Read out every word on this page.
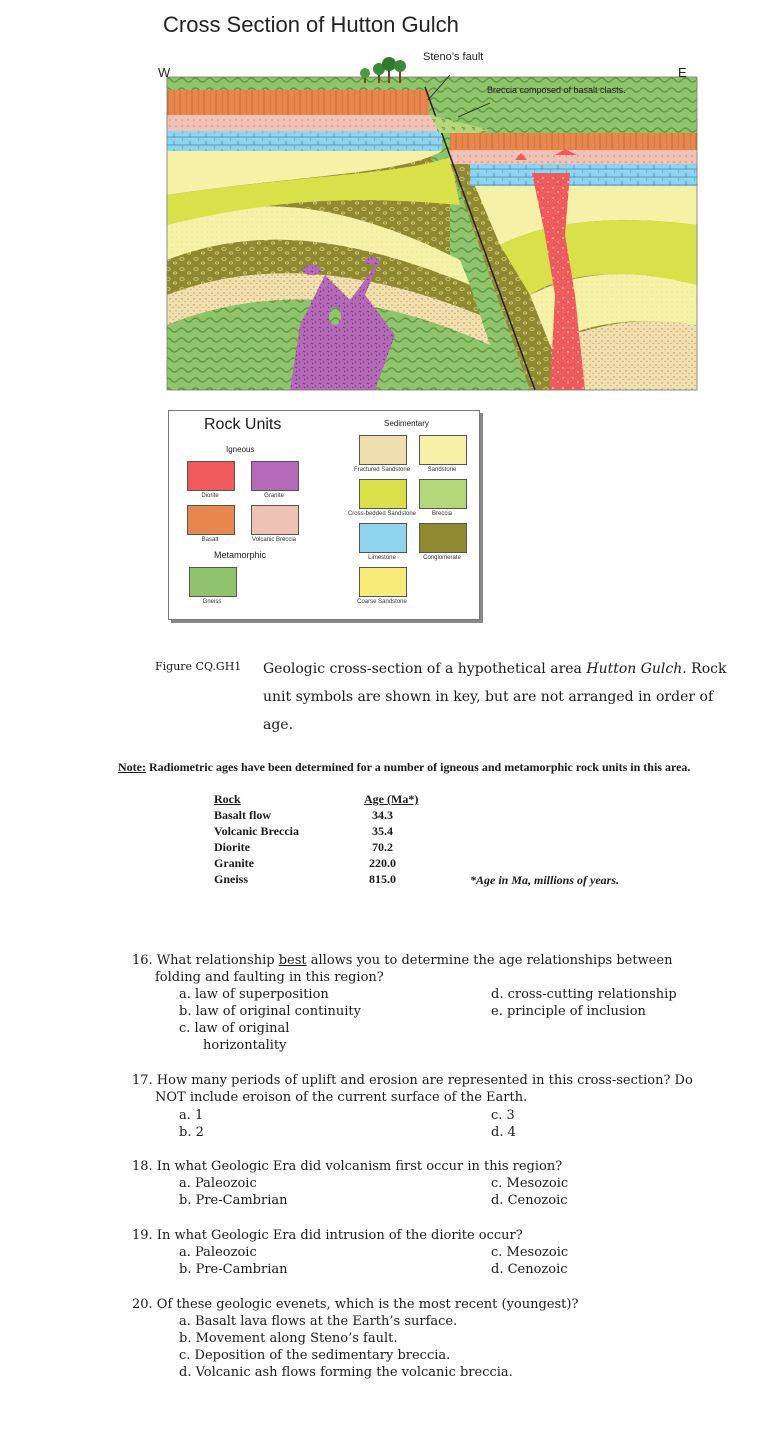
Cross Section of Hutton Gulch
W	E
Steno’s fault
Breccia composed of basalt clasts.
Rock Units
Igneous
Metamorphic
Sedimentary
Diorite	Granite
Basalt	Volcanic Breccia
Gneiss
Fractured Sandstone	Sandstone
Cross-bedded Sandstone	Breccia
Limestone	Conglomerate
Coarse Sandstone
Figure CQ.GH1 Geologic cross-section of a hypothetical area Hutton Gulch. Rock unit symbols are shown in key, but are not arranged in order of age.
Note: Radiometric ages have been determined for a number of igneous and metamorphic rock units in this area.
Rock	Age (Ma*)
Basalt flow	34.3
Volcanic Breccia	35.4
Diorite	70.2
Granite	220.0
Gneiss	815.0	*Age in Ma, millions of years.
16. What relationship best allows you to determine the age relationships between
folding and faulting in this region?
a. law of superposition
b. law of original continuity
c. law of original
horizontality
d. cross-cutting relationship
e. principle of inclusion
17. How many periods of uplift and erosion are represented in this cross-section? Do
NOT include eroison of the current surface of the Earth.
a. 1
b. 2
c. 3
d. 4
18. In what Geologic Era did volcanism first occur in this region?
a. Paleozoic
b. Pre-Cambrian
c. Mesozoic
d. Cenozoic
19. In what Geologic Era did intrusion of the diorite occur?
a. Paleozoic
b. Pre-Cambrian
c. Mesozoic
d. Cenozoic
20. Of these geologic evenets, which is the most recent (youngest)?
a. Basalt lava flows at the Earth’s surface.
b. Movement along Steno’s fault.
c. Deposition of the sedimentary breccia.
d. Volcanic ash flows forming the volcanic breccia.
